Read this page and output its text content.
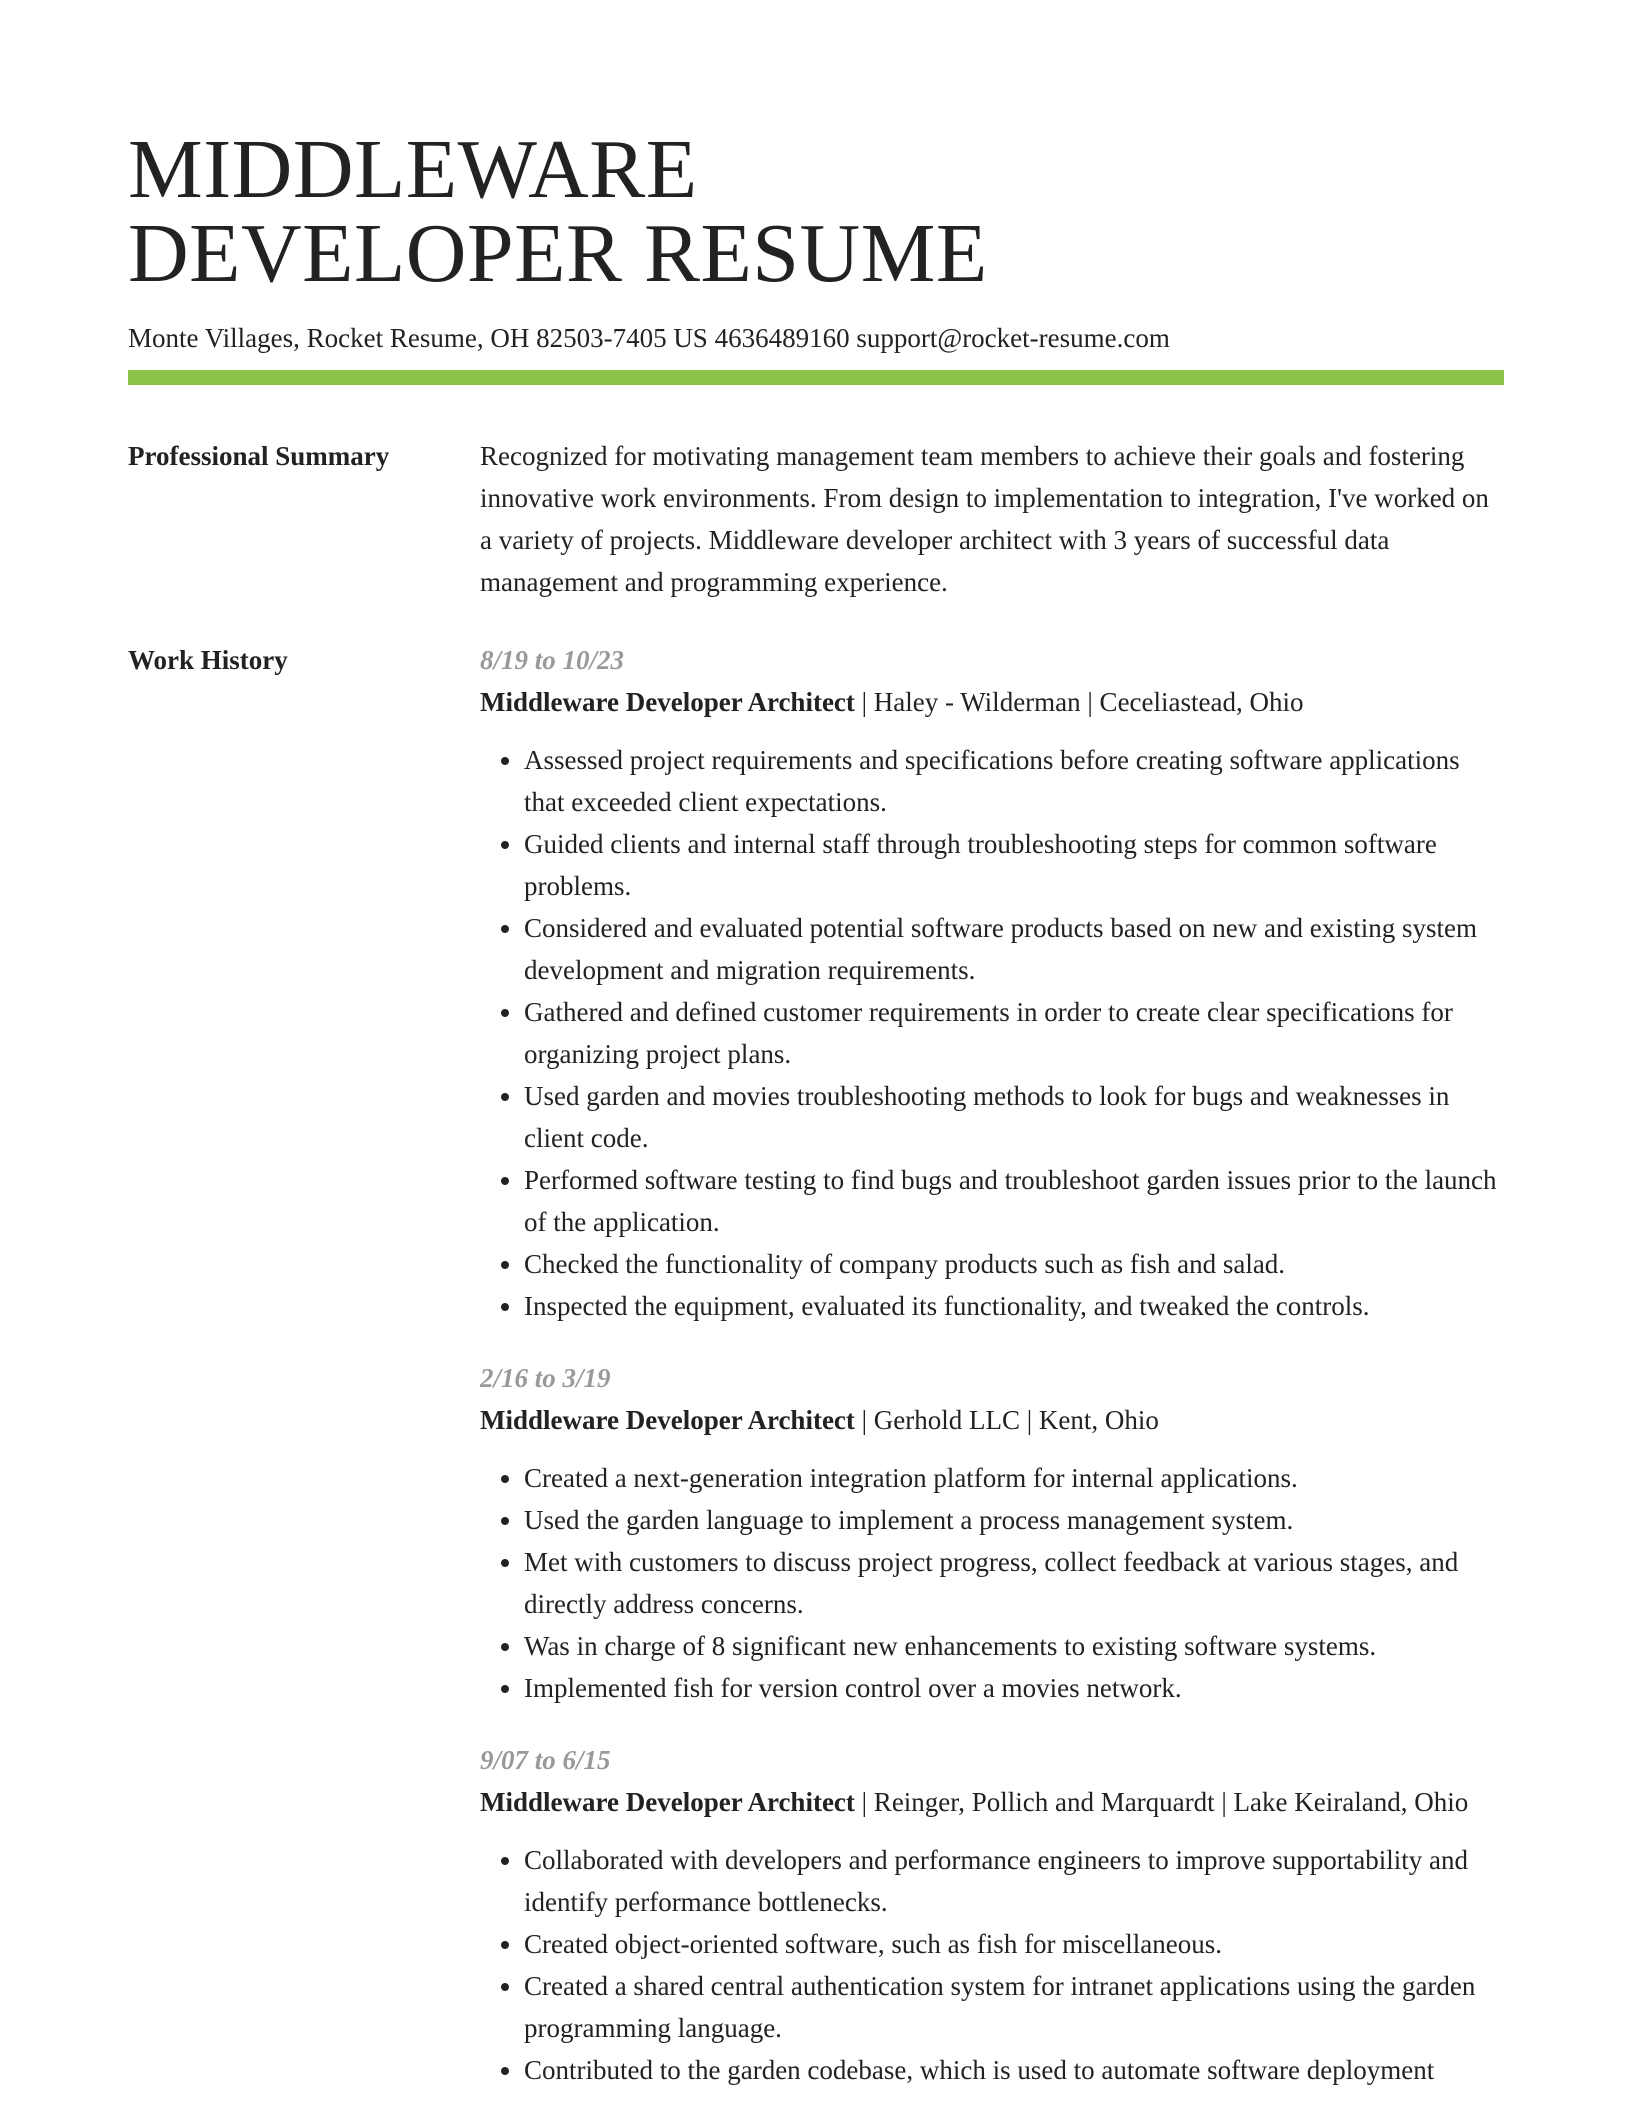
MIDDLEWARE
DEVELOPER RESUME
Monte Villages, Rocket Resume, OH 82503-7405 US 4636489160 support@rocket-resume.com
Professional Summary	Recognized for motivating management team members to achieve their goals and fostering innovative work environments. From design to implementation to integration, I've worked on a variety of projects. Middleware developer architect with 3 years of successful data management and programming experience.

Work History	8/19 to 10/23
Middleware Developer Architect | Haley - Wilderman | Ceceliastead, Ohio
• Assessed project requirements and specifications before creating software applications that exceeded client expectations.
• Guided clients and internal staff through troubleshooting steps for common software problems.
• Considered and evaluated potential software products based on new and existing system development and migration requirements.
• Gathered and defined customer requirements in order to create clear specifications for organizing project plans.
• Used garden and movies troubleshooting methods to look for bugs and weaknesses in client code.
• Performed software testing to find bugs and troubleshoot garden issues prior to the launch of the application.
• Checked the functionality of company products such as fish and salad.
• Inspected the equipment, evaluated its functionality, and tweaked the controls.
2/16 to 3/19
Middleware Developer Architect | Gerhold LLC | Kent, Ohio
• Created a next-generation integration platform for internal applications.
• Used the garden language to implement a process management system.
• Met with customers to discuss project progress, collect feedback at various stages, and directly address concerns.
• Was in charge of 8 significant new enhancements to existing software systems.
• Implemented fish for version control over a movies network.
9/07 to 6/15
Middleware Developer Architect | Reinger, Pollich and Marquardt | Lake Keiraland, Ohio
• Collaborated with developers and performance engineers to improve supportability and identify performance bottlenecks.
• Created object-oriented software, such as fish for miscellaneous.
• Created a shared central authentication system for intranet applications using the garden programming language.
• Contributed to the garden codebase, which is used to automate software deployment
